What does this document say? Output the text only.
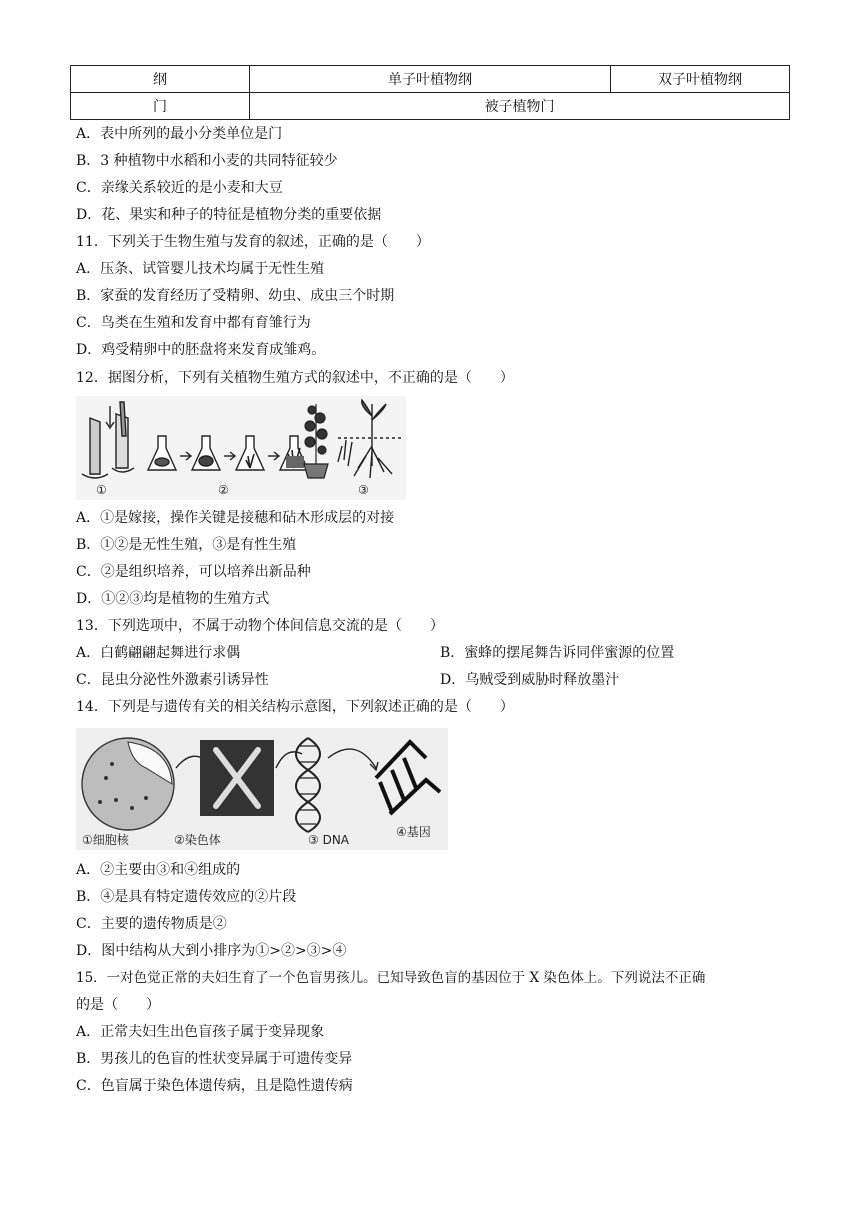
纲	单子叶植物纲	双子叶植物纲
门	被子植物门	
A．表中所列的最小分类单位是门
B．3 种植物中水稻和小麦的共同特征较少
C．亲缘关系较近的是小麦和大豆
D．花、果实和种子的特征是植物分类的重要依据
11．下列关于生物生殖与发育的叙述，正确的是（　　）
A．压条、试管婴儿技术均属于无性生殖
B．家蚕的发育经历了受精卵、幼虫、成虫三个时期
C．鸟类在生殖和发育中都有育雏行为
D．鸡受精卵中的胚盘将来发育成雏鸡。
12．据图分析，下列有关植物生殖方式的叙述中，不正确的是（　　）
①	②	③
A．①是嫁接，操作关键是接穗和砧木形成层的对接
B．①②是无性生殖，③是有性生殖
C．②是组织培养，可以培养出新品种
D．①②③均是植物的生殖方式
13．下列选项中，不属于动物个体间信息交流的是（　　）
A．白鹤翩翩起舞进行求偶	B．蜜蜂的摆尾舞告诉同伴蜜源的位置
C．昆虫分泌性外激素引诱异性	D．乌贼受到威胁时释放墨汁
14．下列是与遗传有关的相关结构示意图，下列叙述正确的是（　　）
①细胞核	②染色体	③ DNA
④基因
A．②主要由③和④组成的
B．④是具有特定遗传效应的②片段
C．主要的遗传物质是②
D．图中结构从大到小排序为①>②>③>④
15．一对色觉正常的夫妇生育了一个色盲男孩儿。已知导致色盲的基因位于 X 染色体上。下列说法不正确
的是（　　）
A．正常夫妇生出色盲孩子属于变异现象
B．男孩儿的色盲的性状变异属于可遗传变异
C．色盲属于染色体遗传病，且是隐性遗传病
